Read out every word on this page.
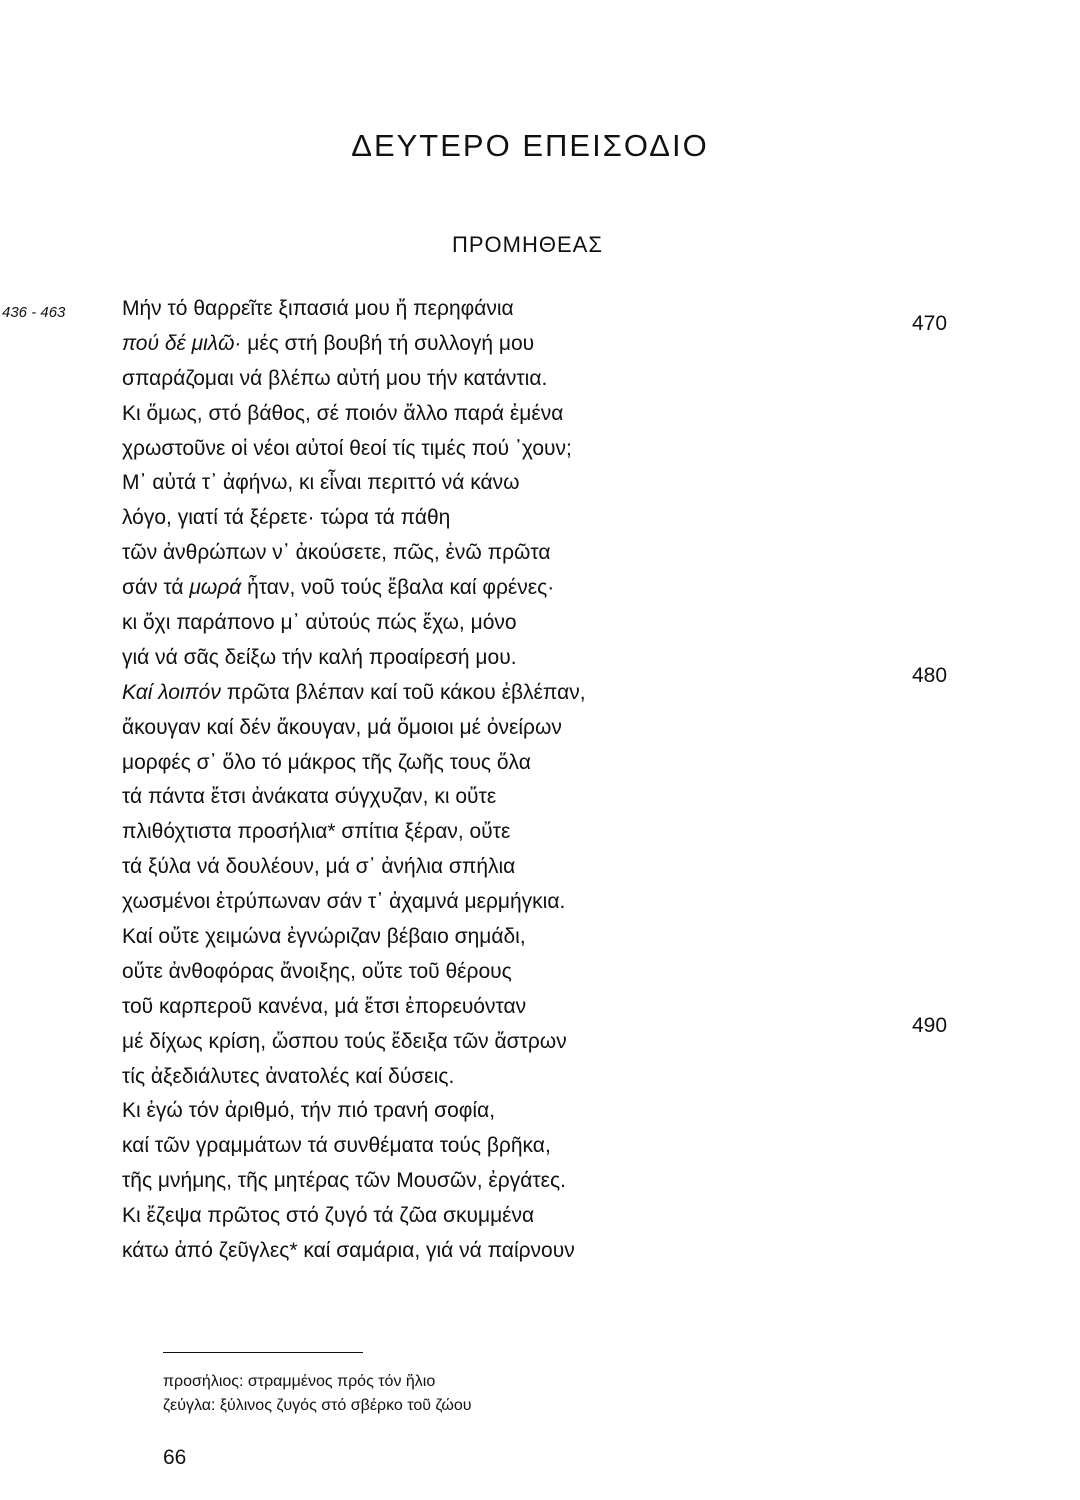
ΔΕΥΤΕΡΟ ΕΠΕΙΣΟΔΙΟ
ΠΡΟΜΗΘΕΑΣ
436 - 463	Μήν τό θαρρεῖτε ξιπασιά μου ἤ περηφάνια
πού δέ μιλῶ· μές στή βουβή τή συλλογή μου
σπαράζομαι νά βλέπω αὐτή μου τήν κατάντια.
Κι ὅμως, στό βάθος, σέ ποιόν ἄλλο παρά ἐμένα
χρωστοῦνε οἱ νέοι αὐτοί θεοί τίς τιμές πού ᾽χουν;
Μ᾽ αὐτά τ᾽ ἀφήνω, κι εἶναι περιττό νά κάνω
λόγο, γιατί τά ξέρετε· τώρα τά πάθη
τῶν ἀνθρώπων ν᾽ ἀκούσετε, πῶς, ἐνῶ πρῶτα
σάν τά μωρά ἦταν, νοῦ τούς ἔβαλα καί φρένες·
κι ὄχι παράπονο μ᾽ αὐτούς πώς ἔχω, μόνο
γιά νά σᾶς δείξω τήν καλή προαίρεσή μου.
Καί λοιπόν πρῶτα βλέπαν καί τοῦ κάκου ἐβλέπαν,
ἄκουγαν καί δέν ἄκουγαν, μά ὅμοιοι μέ ὀνείρων
μορφές σ᾽ ὅλο τό μάκρος τῆς ζωῆς τους ὅλα
τά πάντα ἔτσι ἀνάκατα σύγχυζαν, κι οὔτε
πλιθόχτιστα προσήλια* σπίτια ξέραν, οὔτε
τά ξύλα νά δουλέουν, μά σ᾽ ἀνήλια σπήλια
χωσμένοι ἐτρύπωναν σάν τ᾽ ἀχαμνά μερμήγκια.
Καί οὔτε χειμώνα ἐγνώριζαν βέβαιο σημάδι,
οὔτε ἀνθοφόρας ἄνοιξης, οὔτε τοῦ θέρους
τοῦ καρπεροῦ κανένα, μά ἔτσι ἐπορευόνταν
μέ δίχως κρίση, ὥσπου τούς ἔδειξα τῶν ἄστρων
τίς ἀξεδιάλυτες ἀνατολές καί δύσεις.
Κι ἐγώ τόν ἀριθμό, τήν πιό τρανή σοφία,
καί τῶν γραμμάτων τά συνθέματα τούς βρῆκα,
τῆς μνήμης, τῆς μητέρας τῶν Μουσῶν, ἐργάτες.
Κι ἔζεψα πρῶτος στό ζυγό τά ζῶα σκυμμένα
κάτω ἀπό ζεῦγλες* καί σαμάρια, γιά νά παίρνουν
470
480
490
προσήλιος: στραμμένος πρός τόν ἥλιο
ζεύγλα: ξύλινος ζυγός στό σβέρκο τοῦ ζώου
66
